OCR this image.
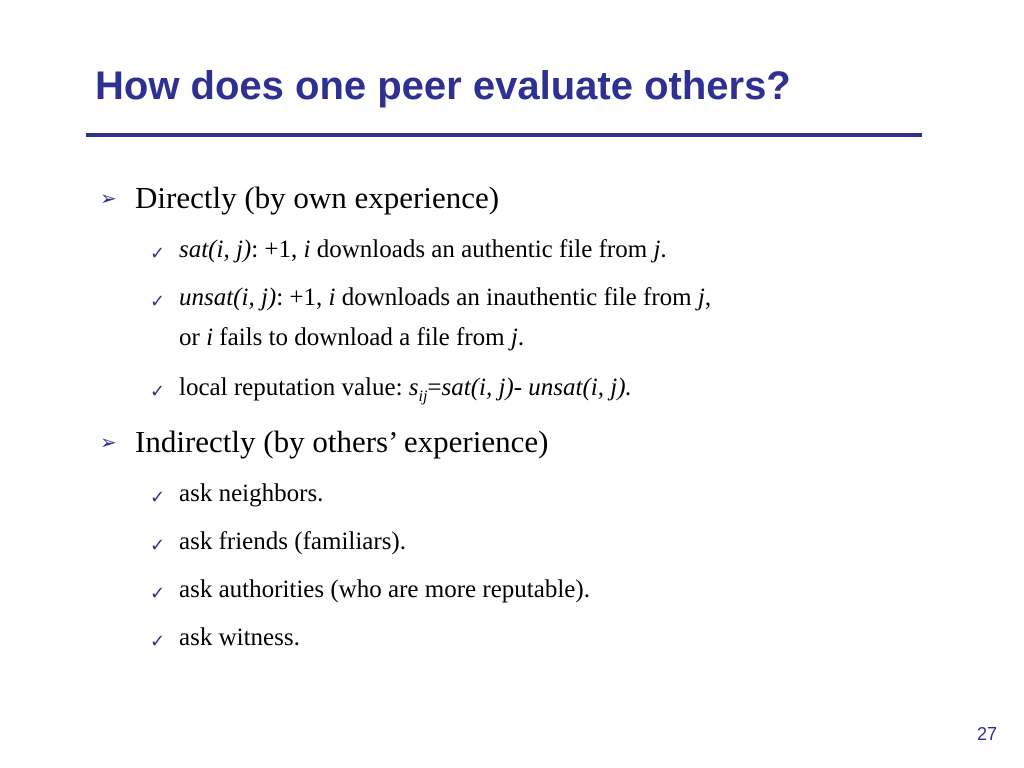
How does one peer evaluate others?
➢ Directly (by own experience)
✓ sat(i, j): +1, i downloads an authentic file from j.
✓ unsat(i, j): +1, i downloads an inauthentic file from j,
or i fails to download a file from j.
✓ local reputation value: $s_{ij}=sat(i$, j)- unsat(i, j).
➢ Indirectly (by others’ experience)
✓ ask neighbors.
✓ ask friends (familiars).
✓ ask authorities (who are more reputable).
✓ ask witness.
27
